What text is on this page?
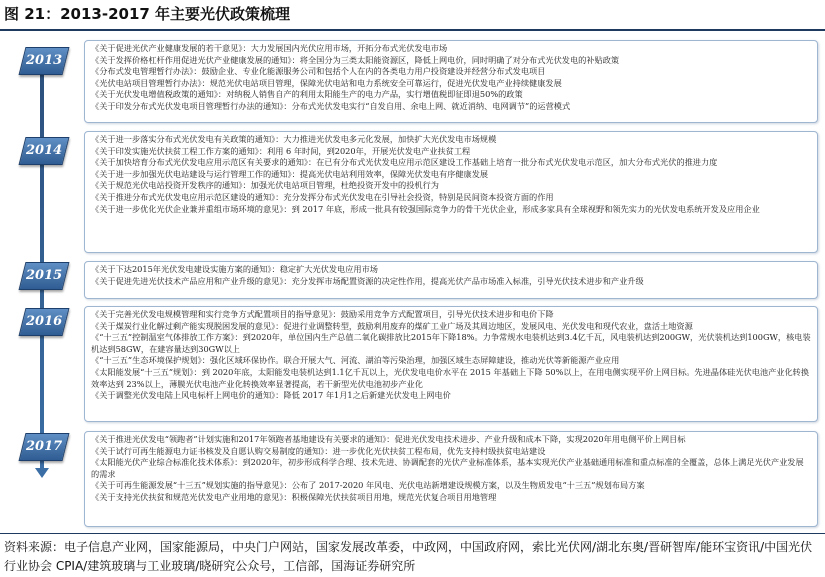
图 21：2013-2017 年主要光伏政策梳理
2013

《关于促进光伏产业健康发展的若干意见》：大力发展国内光伏应用市场，开拓分布式光伏发电市场

《关于发挥价格杠杆作用促进光伏产业健康发展的通知》：将全国分为三类太阳能资源区，降低上网电价，同时明确了对分布式光伏发电的补贴政策

《分布式发电管理暂行办法》：鼓励企业、专业化能源服务公司和包括个人在内的各类电力用户投资建设并经营分布式发电项目

《光伏电站项目管理暂行办法》：规范光伏电站项目管理，保障光伏电站和电力系统安全可靠运行，促进光伏发电产业持续健康发展

《关于光伏发电增值税政策的通知》：对纳税人销售自产的利用太阳能生产的电力产品，实行增值税即征即退50%的政策

《关于印发分布式光伏发电项目管理暂行办法的通知》：分布式光伏发电实行“自发自用、余电上网、就近消纳、电网调节”的运营模式

2014

《关于进一步落实分布式光伏发电有关政策的通知》：大力推进光伏发电多元化发展，加快扩大光伏发电市场规模

《关于印发实施光伏扶贫工程工作方案的通知》：利用 6 年时间，到2020年，开展光伏发电产业扶贫工程

《关于加快培育分布式光伏发电应用示范区有关要求的通知》：在已有分布式光伏发电应用示范区建设工作基础上培育一批分布式光伏发电示范区，加大分布式光伏的推进力度

《关于进一步加强光伏电站建设与运行管理工作的通知》：提高光伏电站利用效率，保障光伏发电有序健康发展

《关于规范光伏电站投资开发秩序的通知》：加强光伏电站项目管理，杜绝投资开发中的投机行为

《关于推进分布式光伏发电应用示范区建设的通知》：充分发挥分布式光伏发电在引导社会投资，特别是民间资本投资方面的作用

《关于进一步优化光伏企业兼并重组市场环境的意见》：到 2017 年底，形成一批具有较强国际竞争力的骨干光伏企业，形成多家具有全球视野和领先实力的光伏发电系统开发及应用企业

2015	《关于下达2015年光伏发电建设实施方案的通知》：稳定扩大光伏发电应用市场

《关于促进先进光伏技术产品应用和产业升级的意见》：充分发挥市场配置资源的决定性作用，提高光伏产品市场准入标准，引导光伏技术进步和产业升级

2016	《关于完善光伏发电规模管理和实行竞争方式配置项目的指导意见》：鼓励采用竞争方式配置项目，引导光伏技术进步和电价下降

《关于煤炭行业化解过剩产能实现脱困发展的意见》：促进行业调整转型，鼓励利用废弃的煤矿工业广场及其周边地区，发展风电、光伏发电和现代农业，盘活土地资源

《“十三五”控制温室气体排放工作方案》：到2020年，单位国内生产总值二氧化碳排放比2015年下降18%。力争常规水电装机达到3.4亿千瓦，风电装机达到200GW，光伏装机达到100GW，核电装机达到58GW，在建容量达到30GW以上

《“十三五”生态环境保护规划》：强化区域环保协作。联合开展大气、河流、湖泊等污染治理，加强区域生态屏障建设，推动光伏等新能源产业应用

《太阳能发展“十三五”规划》：到 2020年底，太阳能发电装机达到1.1亿千瓦以上，光伏发电电价水平在 2015 年基础上下降 50%以上，在用电侧实现平价上网目标。先进晶体硅光伏电池产业化转换效率达到 23%以上，薄膜光伏电池产业化转换效率显著提高，若干新型光伏电池初步产业化

《关于调整光伏发电陆上风电标杆上网电价的通知》：降低 2017 年1月1之后新建光伏发电上网电价

2017	《关于推进光伏发电“领跑者”计划实施和2017年领跑者基地建设有关要求的通知》：促进光伏发电技术进步、产业升级和成本下降，实现2020年用电侧平价上网目标

《关于试行可再生能源电力证书核发及自愿认购交易制度的通知》：进一步优化光伏扶贫工程布局，优先支持村级扶贫电站建设

《太阳能光伏产业综合标准化技术体系》：到2020年，初步形成科学合理、技术先进、协调配套的光伏产业标准体系，基本实现光伏产业基础通用标准和重点标准的全覆盖，总体上满足光伏产业发展的需求

《关于可再生能源发展“十三五”规划实施的指导意见》：公布了 2017-2020 年风电、光伏电站新增建设规模方案，以及生物质发电“十三五”规划布局方案

《关于支持光伏扶贫和规范光伏发电产业用地的意见》：积极保障光伏扶贫项目用地，规范光伏复合项目用地管理

资料来源：电子信息产业网，国家能源局，中央门户网站，国家发展改革委，中政网，中国政府网，索比光伏网/湖北东奥/晋研智库/能环宝资讯/中国光伏行业协会 CPIA/建筑玻璃与工业玻璃/晓研究公众号，工信部，国海证券研究所
